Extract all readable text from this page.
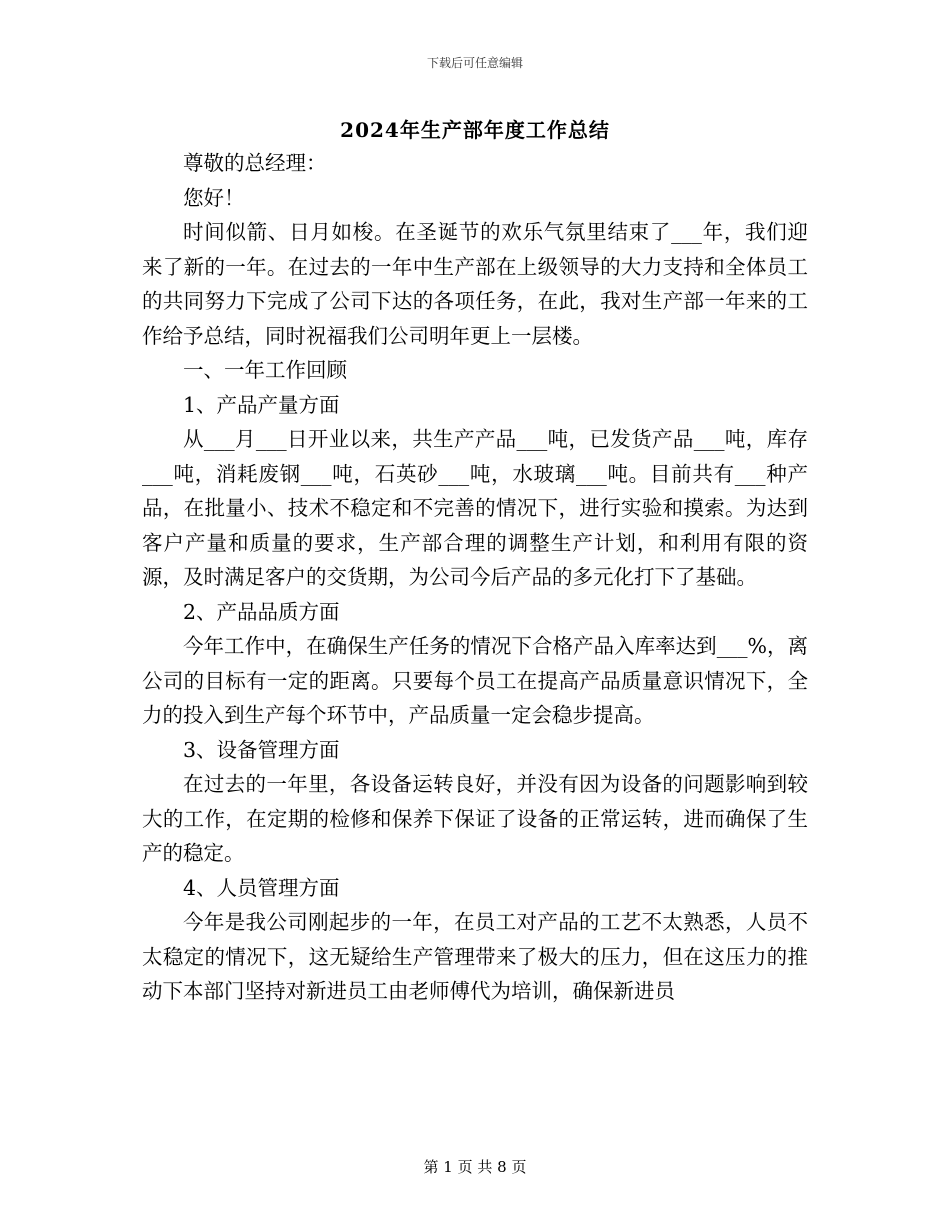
下载后可任意编辑
2024年生产部年度工作总结

尊敬的总经理：

您好！

时间似箭、日月如梭。在圣诞节的欢乐气氛里结束了___年，我们迎来了新的一年。在过去的一年中生产部在上级领导的大力支持和全体员工的共同努力下完成了公司下达的各项任务，在此，我对生产部一年来的工作给予总结，同时祝福我们公司明年更上一层楼。

一、一年工作回顾

1、产品产量方面

从___月___日开业以来，共生产产品___吨，已发货产品___吨，库存___吨，消耗废钢___吨，石英砂___吨，水玻璃___吨。目前共有___种产品，在批量小、技术不稳定和不完善的情况下，进行实验和摸索。为达到客户产量和质量的要求，生产部合理的调整生产计划，和利用有限的资源，及时满足客户的交货期，为公司今后产品的多元化打下了基础。

2、产品品质方面

今年工作中，在确保生产任务的情况下合格产品入库率达到___%，离公司的目标有一定的距离。只要每个员工在提高产品质量意识情况下，全力的投入到生产每个环节中，产品质量一定会稳步提高。

3、设备管理方面

在过去的一年里，各设备运转良好，并没有因为设备的问题影响到较大的工作，在定期的检修和保养下保证了设备的正常运转，进而确保了生产的稳定。

4、人员管理方面

今年是我公司刚起步的一年，在员工对产品的工艺不太熟悉，人员不太稳定的情况下，这无疑给生产管理带来了极大的压力，但在这压力的推动下本部门坚持对新进员工由老师傅代为培训，确保新进员

第 1 页 共 8 页
